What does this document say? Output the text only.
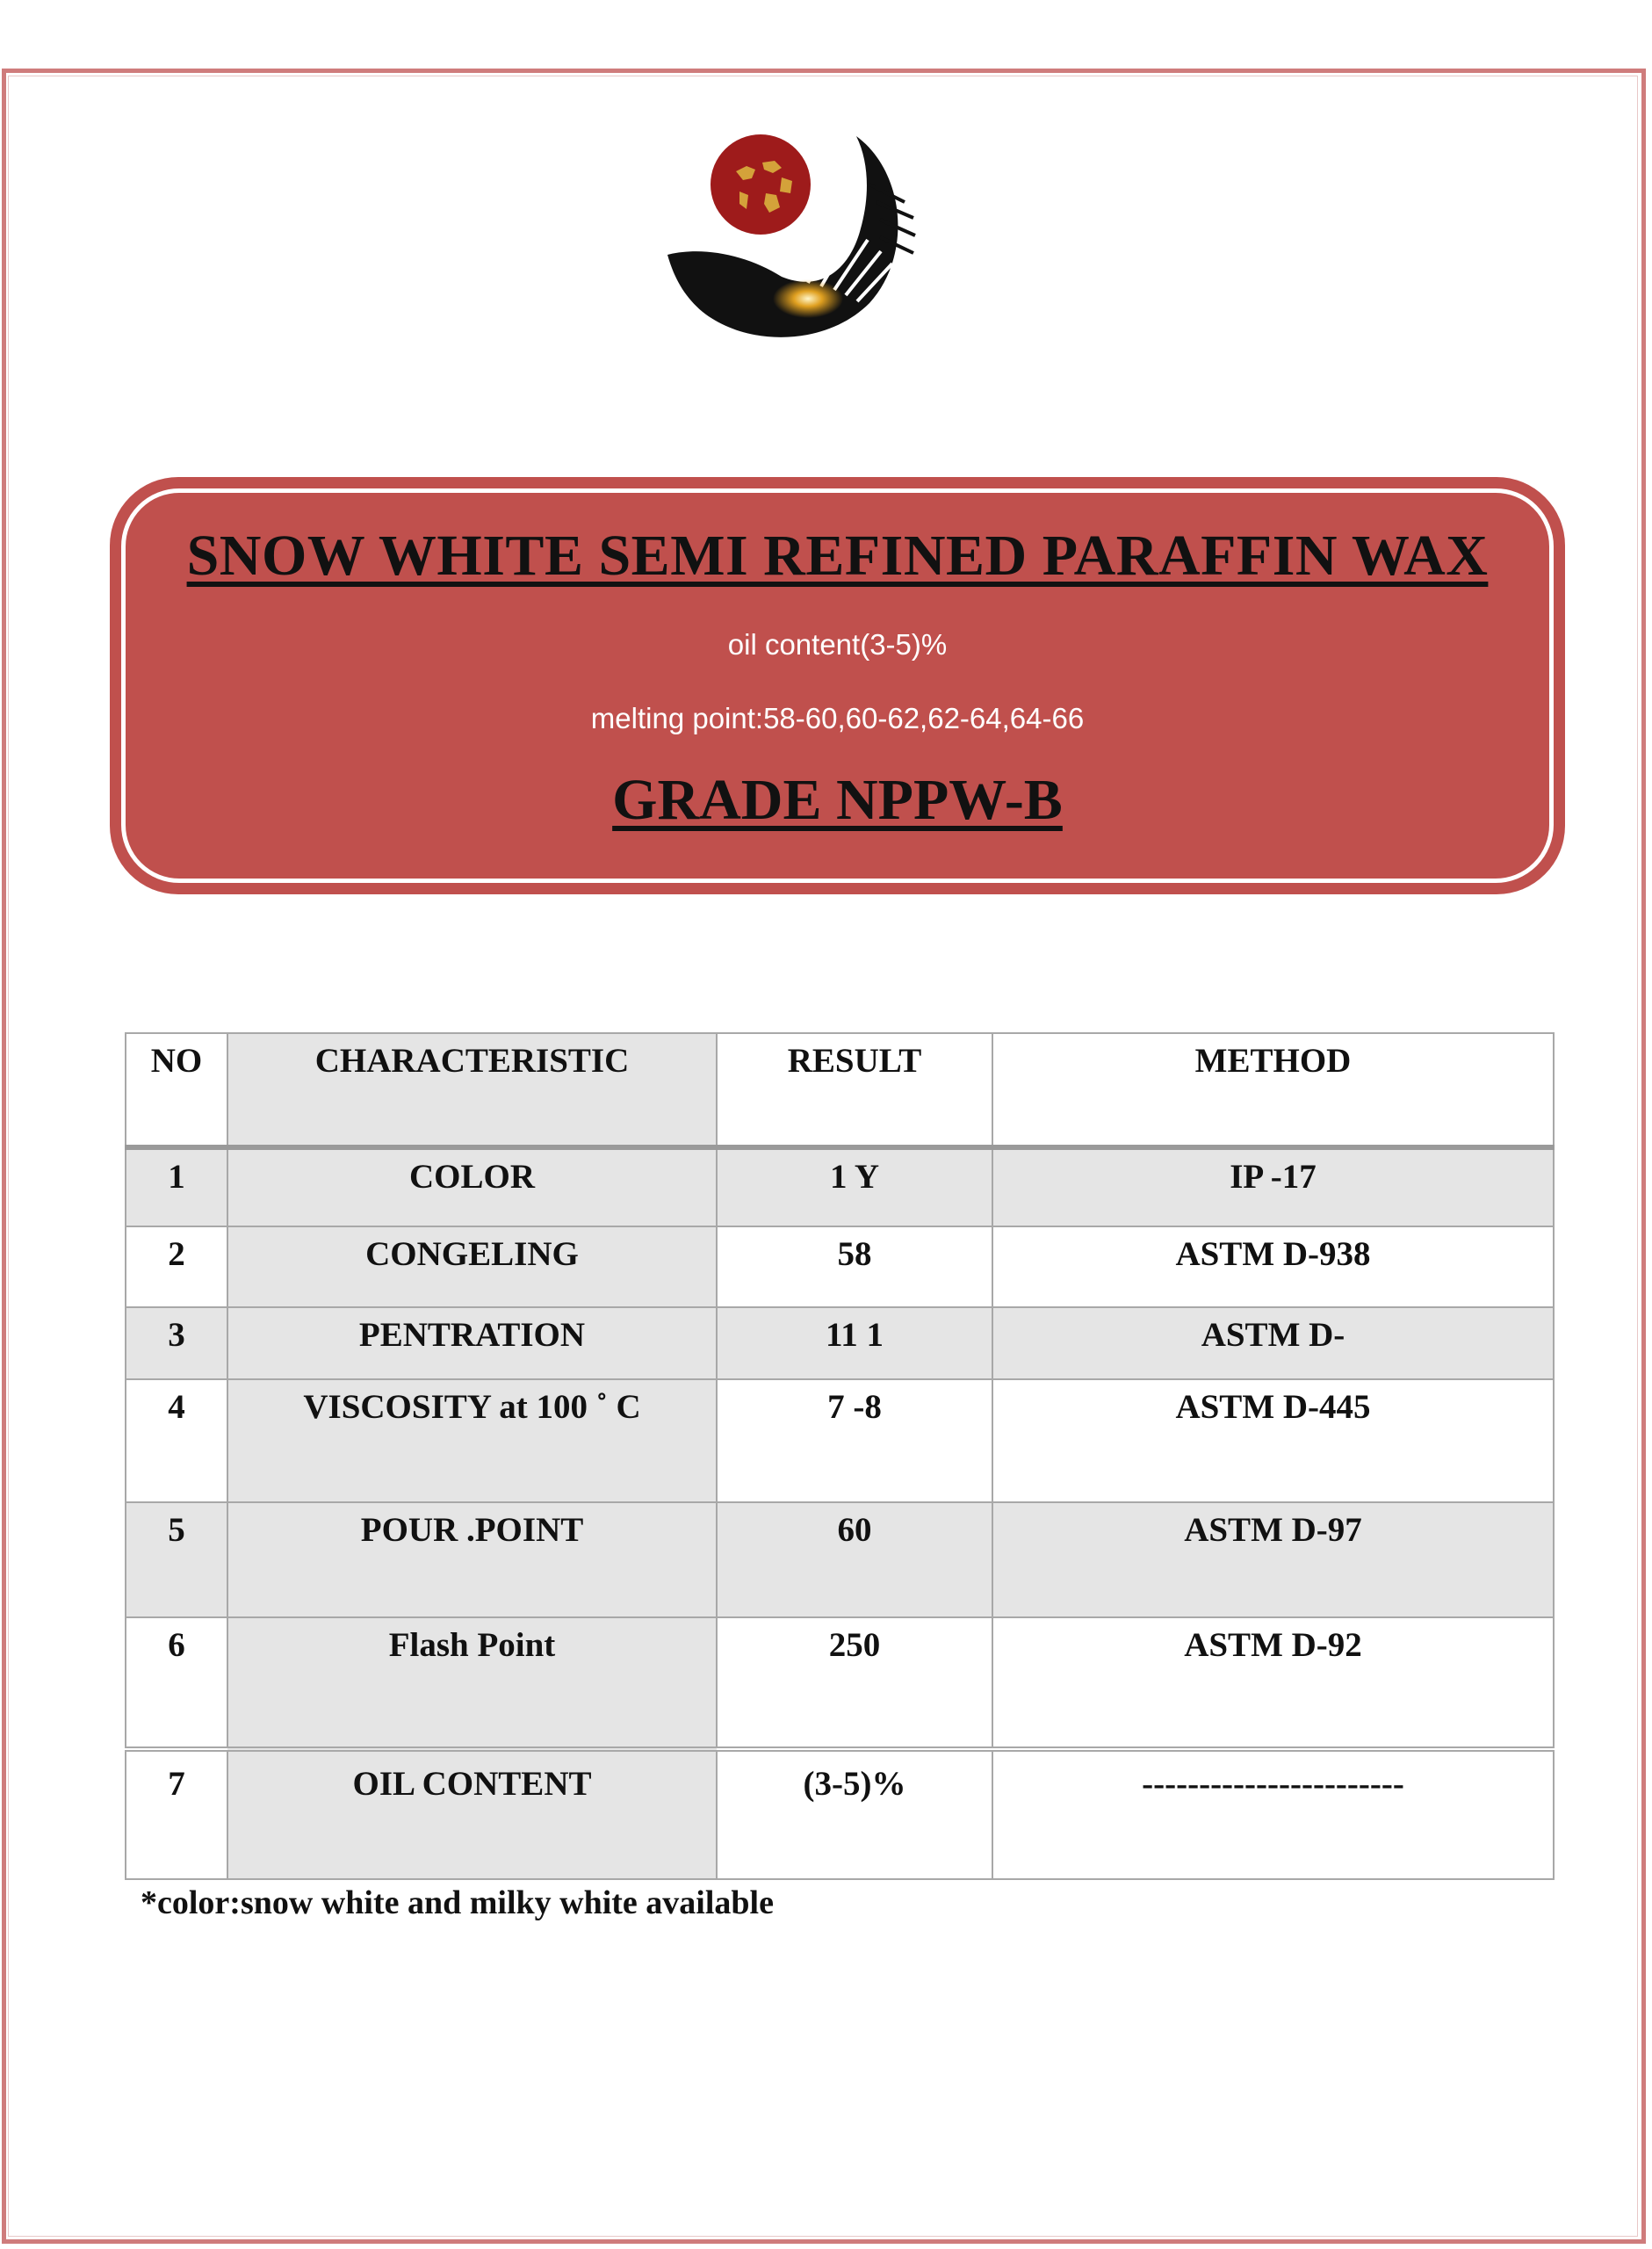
SNOW WHITE SEMI REFINED PARAFFIN WAX
oil content(3-5)%
melting point:58-60,60-62,62-64,64-66
GRADE NPPW-B
NO	CHARACTERISTIC	RESULT	METHOD
1	COLOR	1 Y	IP -17
2	CONGELING	58	ASTM D-938
3	PENTRATION	11 1	ASTM D-
4	VISCOSITY at 100 ˚ C	7 -8	ASTM D-445
5	POUR .POINT	60	ASTM D-97
6	Flash Point	250	ASTM D-92
7	OIL CONTENT	(3-5)%	-----------------------
*color:snow white and milky white available
